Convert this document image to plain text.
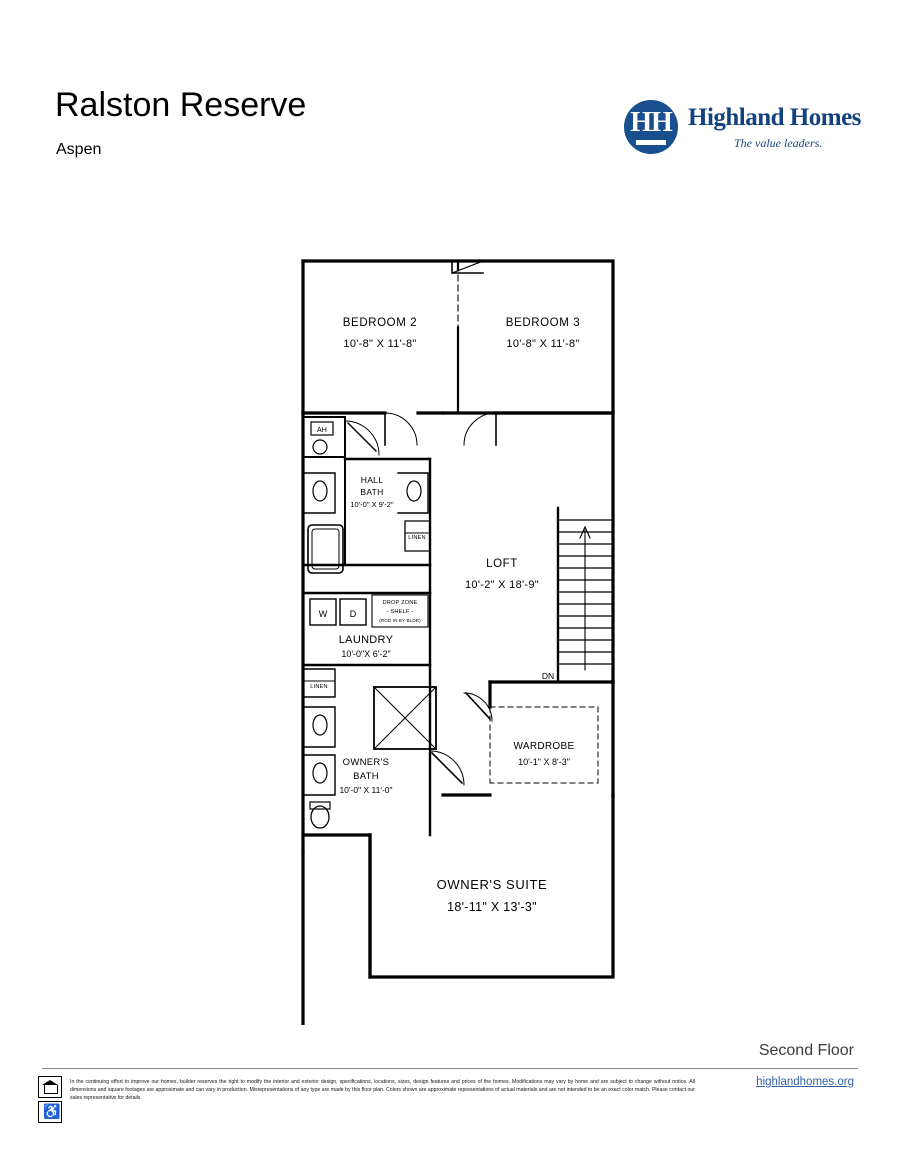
Ralston Reserve
Aspen
HH Highland Homes
The value leaders.
BEDROOM 2
10'-8" X 11'-8"
BEDROOM 3
10'-8" X 11'-8"
HALL
BATH
10'-0" X 9'-2"
LOFT
10'-2" X 18'-9"
LAUNDRY
10'-0"X 6'-2"
WARDROBE
10'-1" X 8'-3"
OWNER'S
BATH
10'-0" X 11'-0"
OWNER'S SUITE
18'-11" X 13'-3"
AH
LINEN
LINEN
W	D
DROP ZONE
- SHELF -
(ROD IN BY BLDR)
DN
Second Floor
highlandhomes.org
♿
In the continuing effort to improve our homes, builder reserves the right to modify the interior and exterior design, specifications, locations, sizes, design features and prices of the homes. Modifications may vary by home and are subject to change without notice. All dimensions and square footages are approximate and can vary in production. Misrepresentations of any type are made by this floor plan. Colors shown are approximate representations of actual materials and are not intended to be an exact color match. Please contact our sales representative for details.
